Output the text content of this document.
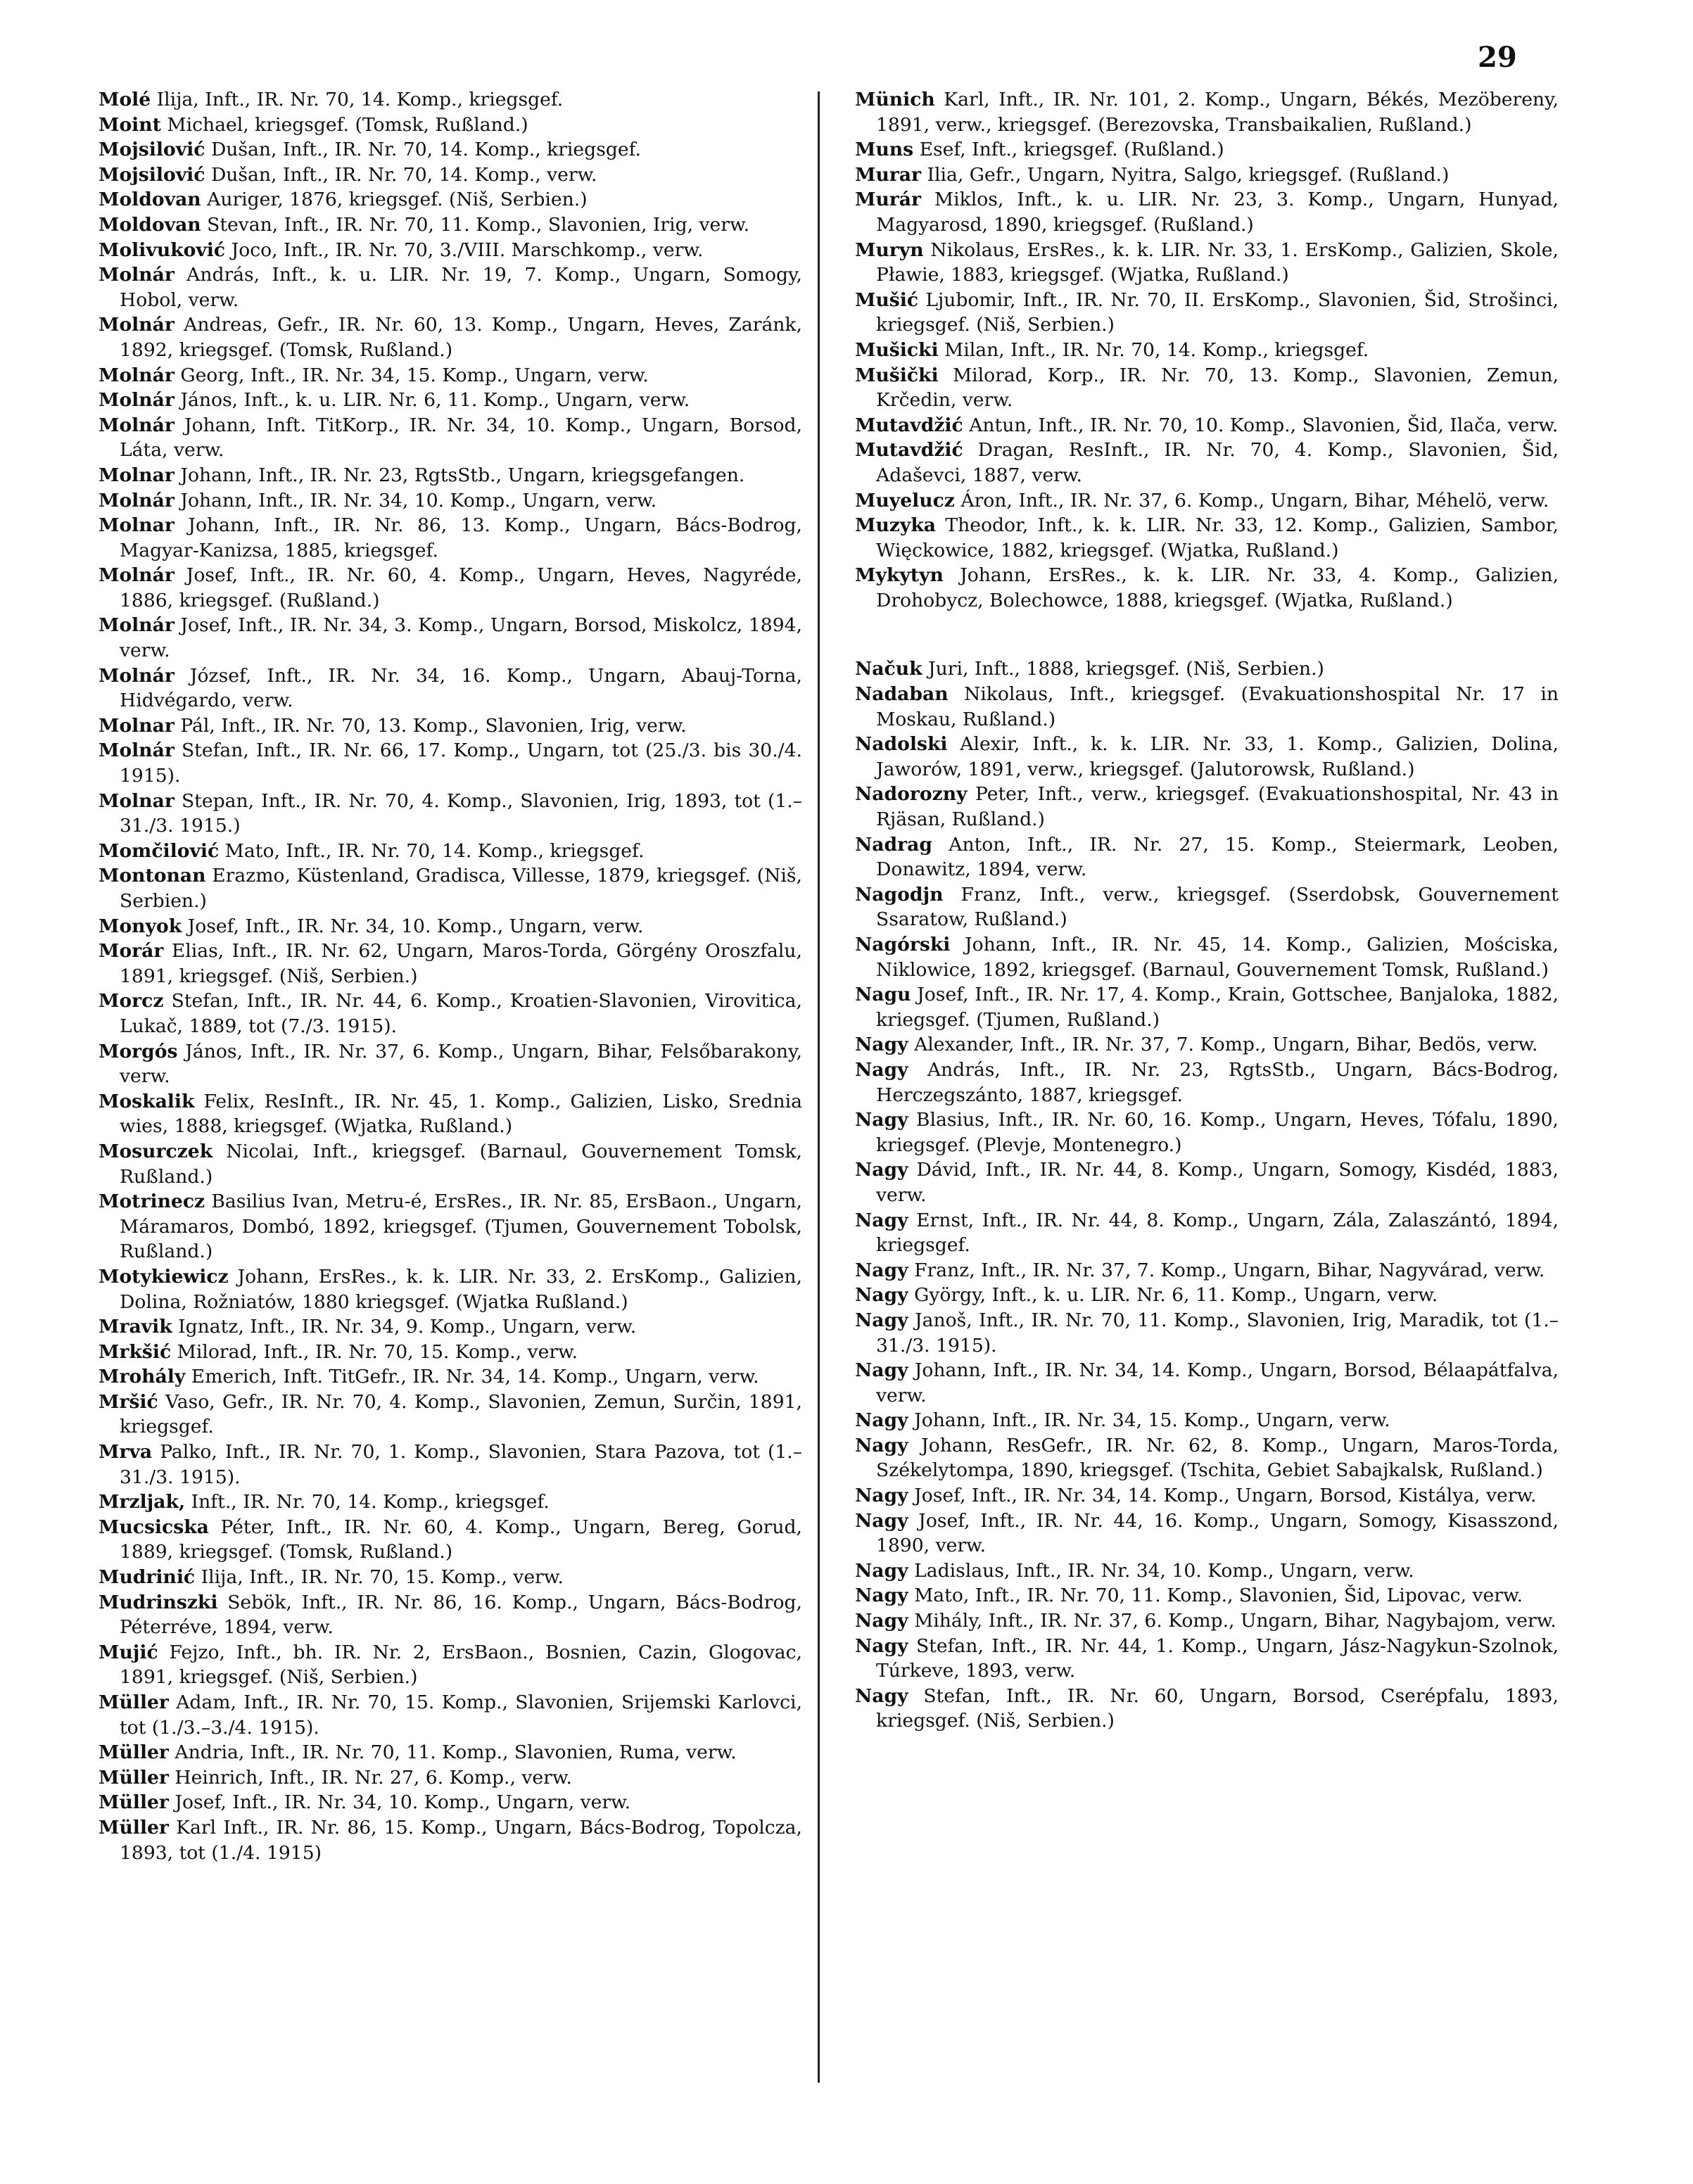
29
Molé Ilija, Inft., IR. Nr. 70, 14. Komp., kriegsgef.
Moint Michael, kriegsgef. (Tomsk, Rußland.)
Mojsilović Dušan, Inft., IR. Nr. 70, 14. Komp., kriegsgef.
Mojsilović Dušan, Inft., IR. Nr. 70, 14. Komp., verw.
Moldovan Auriger, 1876, kriegsgef. (Niš, Serbien.)
Moldovan Stevan, Inft., IR. Nr. 70, 11. Komp., Slavonien, Irig, verw.
Molivuković Joco, Inft., IR. Nr. 70, 3./VIII. Marschkomp., verw.
Molnár András, Inft., k. u. LIR. Nr. 19, 7. Komp., Ungarn, Somogy, Hobol, verw.
Molnár Andreas, Gefr., IR. Nr. 60, 13. Komp., Ungarn, Heves, Zaránk, 1892, kriegsgef. (Tomsk, Rußland.)
Molnár Georg, Inft., IR. Nr. 34, 15. Komp., Ungarn, verw.
Molnár János, Inft., k. u. LIR. Nr. 6, 11. Komp., Ungarn, verw.
Molnár Johann, Inft. TitKorp., IR. Nr. 34, 10. Komp., Ungarn, Borsod, Láta, verw.
Molnar Johann, Inft., IR. Nr. 23, RgtsStb., Ungarn, kriegsgefangen.
Molnár Johann, Inft., IR. Nr. 34, 10. Komp., Ungarn, verw.
Molnar Johann, Inft., IR. Nr. 86, 13. Komp., Ungarn, Bács-Bodrog, Magyar-Kanizsa, 1885, kriegsgef.
Molnár Josef, Inft., IR. Nr. 60, 4. Komp., Ungarn, Heves, Nagyréde, 1886, kriegsgef. (Rußland.)
Molnár Josef, Inft., IR. Nr. 34, 3. Komp., Ungarn, Borsod, Miskolcz, 1894, verw.
Molnár József, Inft., IR. Nr. 34, 16. Komp., Ungarn, Abauj-Torna, Hidvégardo, verw.
Molnar Pál, Inft., IR. Nr. 70, 13. Komp., Slavonien, Irig, verw.
Molnár Stefan, Inft., IR. Nr. 66, 17. Komp., Ungarn, tot (25./3. bis 30./4. 1915).
Molnar Stepan, Inft., IR. Nr. 70, 4. Komp., Slavonien, Irig, 1893, tot (1.–31./3. 1915.)
Momčilović Mato, Inft., IR. Nr. 70, 14. Komp., kriegsgef.
Montonan Erazmo, Küstenland, Gradisca, Villesse, 1879, kriegsgef. (Niš, Serbien.)
Monyok Josef, Inft., IR. Nr. 34, 10. Komp., Ungarn, verw.
Morár Elias, Inft., IR. Nr. 62, Ungarn, Maros-Torda, Görgény Oroszfalu, 1891, kriegsgef. (Niš, Serbien.)
Morcz Stefan, Inft., IR. Nr. 44, 6. Komp., Kroatien-Slavonien, Virovitica, Lukač, 1889, tot (7./3. 1915).
Morgós János, Inft., IR. Nr. 37, 6. Komp., Ungarn, Bihar, Felsőbarakony, verw.
Moskalik Felix, ResInft., IR. Nr. 45, 1. Komp., Galizien, Lisko, Srednia wies, 1888, kriegsgef. (Wjatka, Rußland.)
Mosurczek Nicolai, Inft., kriegsgef. (Barnaul, Gouvernement Tomsk, Rußland.)
Motrinecz Basilius Ivan, Metru-é, ErsRes., IR. Nr. 85, ErsBaon., Ungarn, Máramaros, Dombó, 1892, kriegsgef. (Tjumen, Gouvernement Tobolsk, Rußland.)
Motykiewicz Johann, ErsRes., k. k. LIR. Nr. 33, 2. ErsKomp., Galizien, Dolina, Rožniatów, 1880 kriegsgef. (Wjatka Rußland.)
Mravik Ignatz, Inft., IR. Nr. 34, 9. Komp., Ungarn, verw.
Mrkšić Milorad, Inft., IR. Nr. 70, 15. Komp., verw.
Mrohály Emerich, Inft. TitGefr., IR. Nr. 34, 14. Komp., Ungarn, verw.
Mršić Vaso, Gefr., IR. Nr. 70, 4. Komp., Slavonien, Zemun, Surčin, 1891, kriegsgef.
Mrva Palko, Inft., IR. Nr. 70, 1. Komp., Slavonien, Stara Pazova, tot (1.–31./3. 1915).
Mrzljak, Inft., IR. Nr. 70, 14. Komp., kriegsgef.
Mucsicska Péter, Inft., IR. Nr. 60, 4. Komp., Ungarn, Bereg, Gorud, 1889, kriegsgef. (Tomsk, Rußland.)
Mudrinić Ilija, Inft., IR. Nr. 70, 15. Komp., verw.
Mudrinszki Sebök, Inft., IR. Nr. 86, 16. Komp., Ungarn, Bács-Bodrog, Péterréve, 1894, verw.
Mujić Fejzo, Inft., bh. IR. Nr. 2, ErsBaon., Bosnien, Cazin, Glogovac, 1891, kriegsgef. (Niš, Serbien.)
Müller Adam, Inft., IR. Nr. 70, 15. Komp., Slavonien, Srijemski Karlovci, tot (1./3.–3./4. 1915).
Müller Andria, Inft., IR. Nr. 70, 11. Komp., Slavonien, Ruma, verw.
Müller Heinrich, Inft., IR. Nr. 27, 6. Komp., verw.
Müller Josef, Inft., IR. Nr. 34, 10. Komp., Ungarn, verw.
Müller Karl Inft., IR. Nr. 86, 15. Komp., Ungarn, Bács-Bodrog, Topolcza, 1893, tot (1./4. 1915)
Münich Karl, Inft., IR. Nr. 101, 2. Komp., Ungarn, Békés, Mezöbereny, 1891, verw., kriegsgef. (Berezovska, Transbaikalien, Rußland.)
Muns Esef, Inft., kriegsgef. (Rußland.)
Murar Ilia, Gefr., Ungarn, Nyitra, Salgo, kriegsgef. (Rußland.)
Murár Miklos, Inft., k. u. LIR. Nr. 23, 3. Komp., Ungarn, Hunyad, Magyarosd, 1890, kriegsgef. (Rußland.)
Muryn Nikolaus, ErsRes., k. k. LIR. Nr. 33, 1. ErsKomp., Galizien, Skole, Pławie, 1883, kriegsgef. (Wjatka, Rußland.)
Mušić Ljubomir, Inft., IR. Nr. 70, II. ErsKomp., Slavonien, Šid, Strošinci, kriegsgef. (Niš, Serbien.)
Mušicki Milan, Inft., IR. Nr. 70, 14. Komp., kriegsgef.
Mušički Milorad, Korp., IR. Nr. 70, 13. Komp., Slavonien, Zemun, Krčedin, verw.
Mutavdžić Antun, Inft., IR. Nr. 70, 10. Komp., Slavonien, Šid, Ilača, verw.
Mutavdžić Dragan, ResInft., IR. Nr. 70, 4. Komp., Slavonien, Šid, Adaševci, 1887, verw.
Muyelucz Áron, Inft., IR. Nr. 37, 6. Komp., Ungarn, Bihar, Méhelö, verw.
Muzyka Theodor, Inft., k. k. LIR. Nr. 33, 12. Komp., Galizien, Sambor, Więckowice, 1882, kriegsgef. (Wjatka, Rußland.)
Mykytyn Johann, ErsRes., k. k. LIR. Nr. 33, 4. Komp., Galizien, Drohobycz, Bolechowce, 1888, kriegsgef. (Wjatka, Rußland.)
Načuk Juri, Inft., 1888, kriegsgef. (Niš, Serbien.)
Nadaban Nikolaus, Inft., kriegsgef. (Evakuationshospital Nr. 17 in Moskau, Rußland.)
Nadolski Alexir, Inft., k. k. LIR. Nr. 33, 1. Komp., Galizien, Dolina, Jaworów, 1891, verw., kriegsgef. (Jalutorowsk, Rußland.)
Nadorozny Peter, Inft., verw., kriegsgef. (Evakuationshospital, Nr. 43 in Rjäsan, Rußland.)
Nadrag Anton, Inft., IR. Nr. 27, 15. Komp., Steiermark, Leoben, Donawitz, 1894, verw.
Nagodjn Franz, Inft., verw., kriegsgef. (Sserdobsk, Gouvernement Ssaratow, Rußland.)
Nagórski Johann, Inft., IR. Nr. 45, 14. Komp., Galizien, Mościska, Niklowice, 1892, kriegsgef. (Barnaul, Gouvernement Tomsk, Rußland.)
Nagu Josef, Inft., IR. Nr. 17, 4. Komp., Krain, Gottschee, Banjaloka, 1882, kriegsgef. (Tjumen, Rußland.)
Nagy Alexander, Inft., IR. Nr. 37, 7. Komp., Ungarn, Bihar, Bedös, verw.
Nagy András, Inft., IR. Nr. 23, RgtsStb., Ungarn, Bács-Bodrog, Herczegszánto, 1887, kriegsgef.
Nagy Blasius, Inft., IR. Nr. 60, 16. Komp., Ungarn, Heves, Tófalu, 1890, kriegsgef. (Plevje, Montenegro.)
Nagy Dávid, Inft., IR. Nr. 44, 8. Komp., Ungarn, Somogy, Kisdéd, 1883, verw.
Nagy Ernst, Inft., IR. Nr. 44, 8. Komp., Ungarn, Zála, Zalaszántó, 1894, kriegsgef.
Nagy Franz, Inft., IR. Nr. 37, 7. Komp., Ungarn, Bihar, Nagyvárad, verw.
Nagy György, Inft., k. u. LIR. Nr. 6, 11. Komp., Ungarn, verw.
Nagy Janoš, Inft., IR. Nr. 70, 11. Komp., Slavonien, Irig, Maradik, tot (1.–31./3. 1915).
Nagy Johann, Inft., IR. Nr. 34, 14. Komp., Ungarn, Borsod, Bélaapátfalva, verw.
Nagy Johann, Inft., IR. Nr. 34, 15. Komp., Ungarn, verw.
Nagy Johann, ResGefr., IR. Nr. 62, 8. Komp., Ungarn, Maros-Torda, Székelytompa, 1890, kriegsgef. (Tschita, Gebiet Sabajkalsk, Rußland.)
Nagy Josef, Inft., IR. Nr. 34, 14. Komp., Ungarn, Borsod, Kistálya, verw.
Nagy Josef, Inft., IR. Nr. 44, 16. Komp., Ungarn, Somogy, Kisasszond, 1890, verw.
Nagy Ladislaus, Inft., IR. Nr. 34, 10. Komp., Ungarn, verw.
Nagy Mato, Inft., IR. Nr. 70, 11. Komp., Slavonien, Šid, Lipovac, verw.
Nagy Mihály, Inft., IR. Nr. 37, 6. Komp., Ungarn, Bihar, Nagybajom, verw.
Nagy Stefan, Inft., IR. Nr. 44, 1. Komp., Ungarn, Jász-Nagykun-Szolnok, Túrkeve, 1893, verw.
Nagy Stefan, Inft., IR. Nr. 60, Ungarn, Borsod, Cserépfalu, 1893, kriegsgef. (Niš, Serbien.)
